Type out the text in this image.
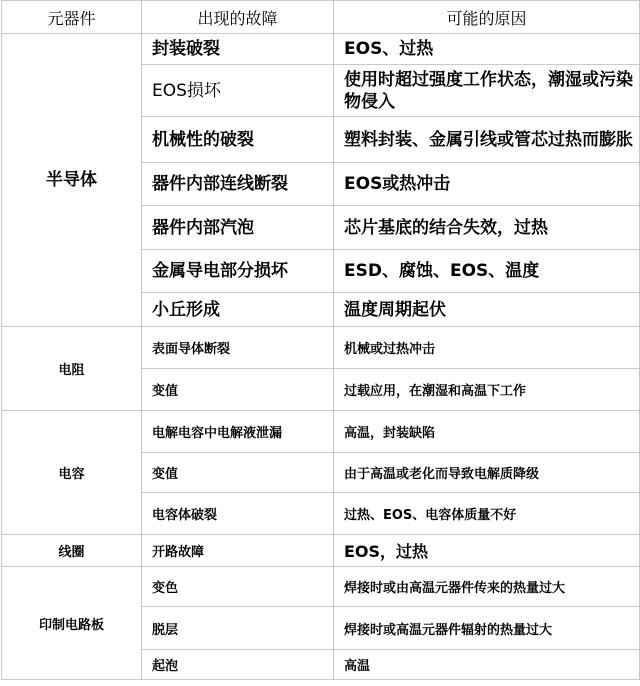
元器件	出现的故障	可能的原因
半导体	封装破裂	EOS、过热
	EOS损坏	使用时超过强度工作状态，潮湿或污染物侵入
	机械性的破裂	塑料封装、金属引线或管芯过热而膨胀
	器件内部连线断裂	EOS或热冲击
	器件内部汽泡	芯片基底的结合失效，过热
	金属导电部分损坏	ESD、腐蚀、EOS、温度
	小丘形成	温度周期起伏
电阻	表面导体断裂	机械或过热冲击
	变值	过载应用，在潮湿和高温下工作
电容	电解电容中电解液泄漏	高温，封装缺陷
	变值	由于高温或老化而导致电解质降级
	电容体破裂	过热、EOS、电容体质量不好
线圈	开路故障	EOS，过热
印制电路板	变色	焊接时或由高温元器件传来的热量过大
	脱层	焊接时或高温元器件辐射的热量过大
	起泡	高温
